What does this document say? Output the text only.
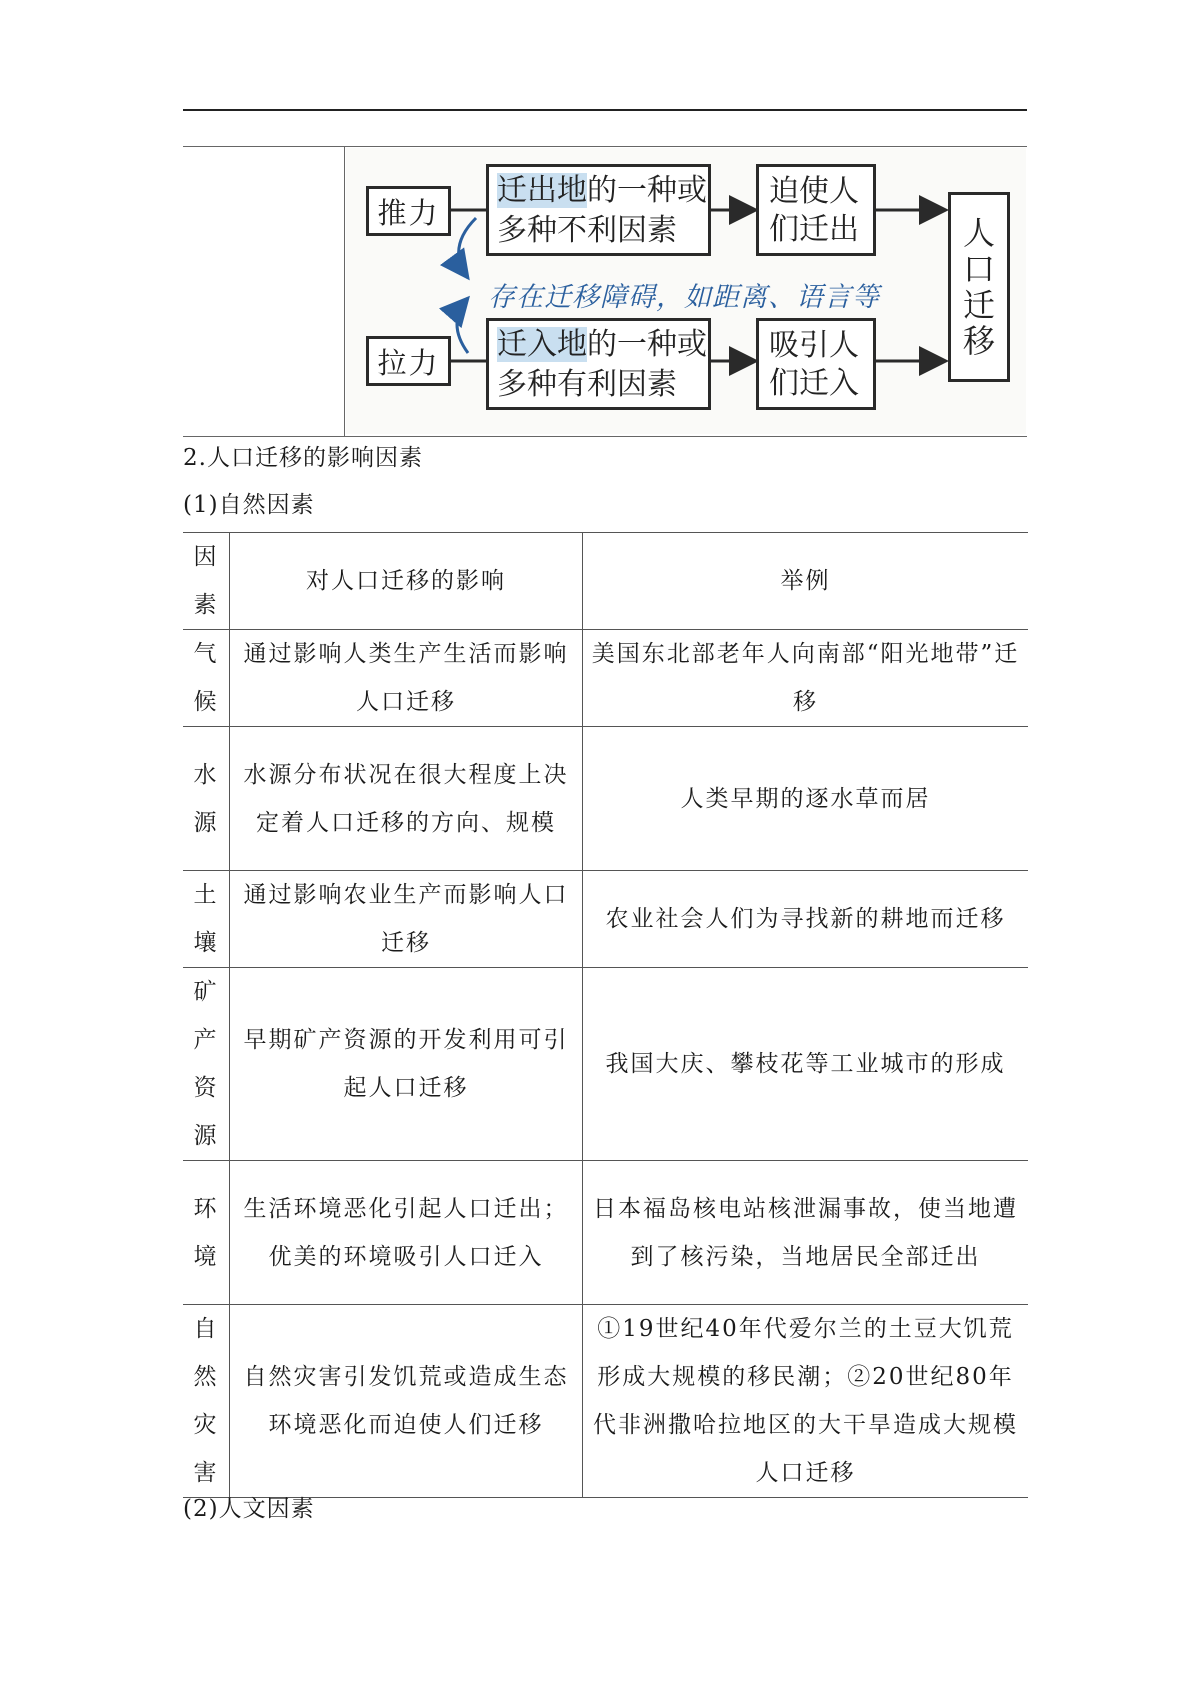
推力
拉力
迁出地的一种或
多种不利因素
迁入地的一种或
多种有利因素
迫使人
们迁出
吸引人
们迁入
人
口
迁
移
存在迁移障碍，如距离、语言等
2.人口迁移的影响因素
(1)自然因素
因素	对人口迁移的影响	举例
气候	通过影响人类生产生活而影响人口迁移	美国东北部老年人向南部“阳光地带”迁移
水源	水源分布状况在很大程度上决定着人口迁移的方向、规模	人类早期的逐水草而居
土壤	通过影响农业生产而影响人口迁移	农业社会人们为寻找新的耕地而迁移
矿产资源	早期矿产资源的开发利用可引起人口迁移	我国大庆、攀枝花等工业城市的形成
环境	生活环境恶化引起人口迁出；优美的环境吸引人口迁入	日本福岛核电站核泄漏事故，使当地遭到了核污染，当地居民全部迁出
自然灾害	自然灾害引发饥荒或造成生态环境恶化而迫使人们迁移	①19世纪40年代爱尔兰的土豆大饥荒形成大规模的移民潮；②20世纪80年代非洲撒哈拉地区的大干旱造成大规模人口迁移
(2)人文因素
